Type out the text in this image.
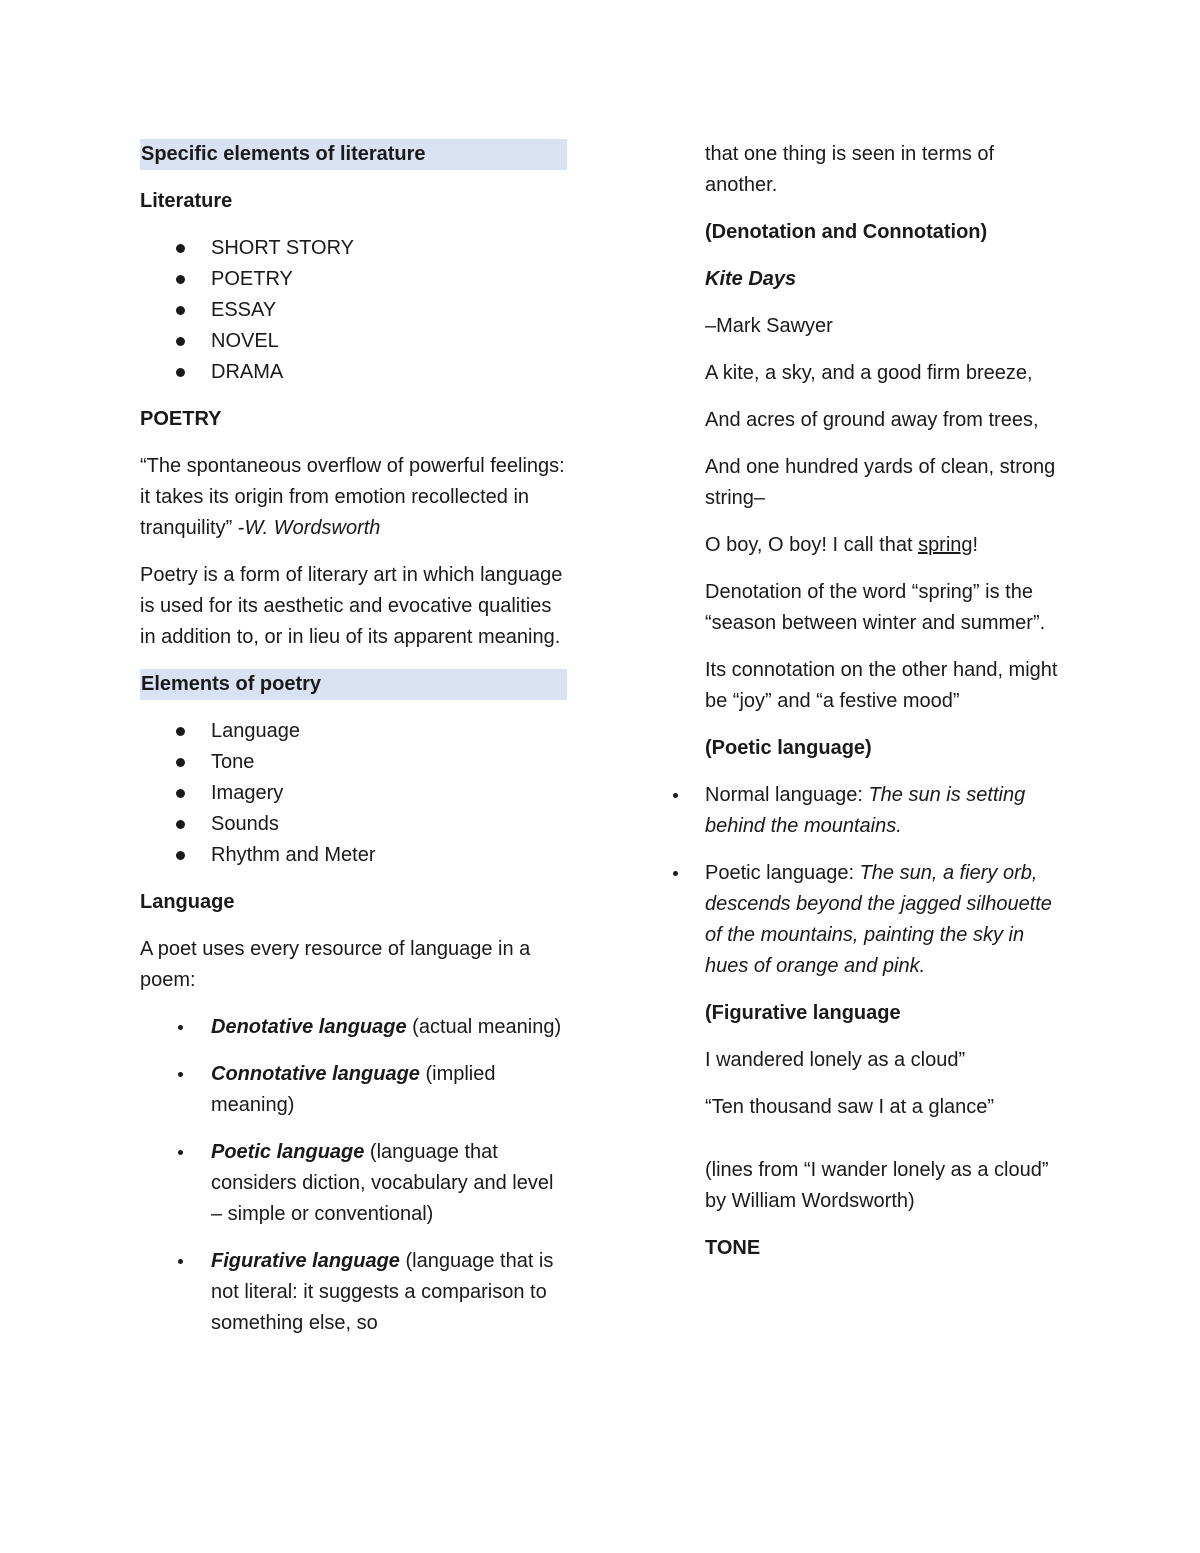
Specific elements of literature

Literature

SHORT STORY
POETRY
ESSAY
NOVEL
DRAMA

POETRY

“The spontaneous overflow of powerful feelings: it takes its origin from emotion recollected in tranquility” -W. Wordsworth

Poetry is a form of literary art in which language is used for its aesthetic and evocative qualities in addition to, or in lieu of its apparent meaning.

Elements of poetry

Language
Tone
Imagery
Sounds
Rhythm and Meter

Language

A poet uses every resource of language in a poem:

Denotative language (actual meaning)
Connotative language (implied meaning)
Poetic language (language that considers diction, vocabulary and level – simple or conventional)
Figurative language (language that is not literal: it suggests a comparison to something else, so

that one thing is seen in terms of another.

(Denotation and Connotation)

Kite Days

–Mark Sawyer

A kite, a sky, and a good firm breeze,

And acres of ground away from trees,

And one hundred yards of clean, strong string–

O boy, O boy! I call that spring!

Denotation of the word “spring” is the “season between winter and summer”.

Its connotation on the other hand, might be “joy” and “a festive mood”

(Poetic language)

Normal language: The sun is setting behind the mountains.
Poetic language: The sun, a fiery orb, descends beyond the jagged silhouette of the mountains, painting the sky in hues of orange and pink.

(Figurative language

I wandered lonely as a cloud”

“Ten thousand saw I at a glance”

(lines from “I wander lonely as a cloud” by William Wordsworth)

TONE
